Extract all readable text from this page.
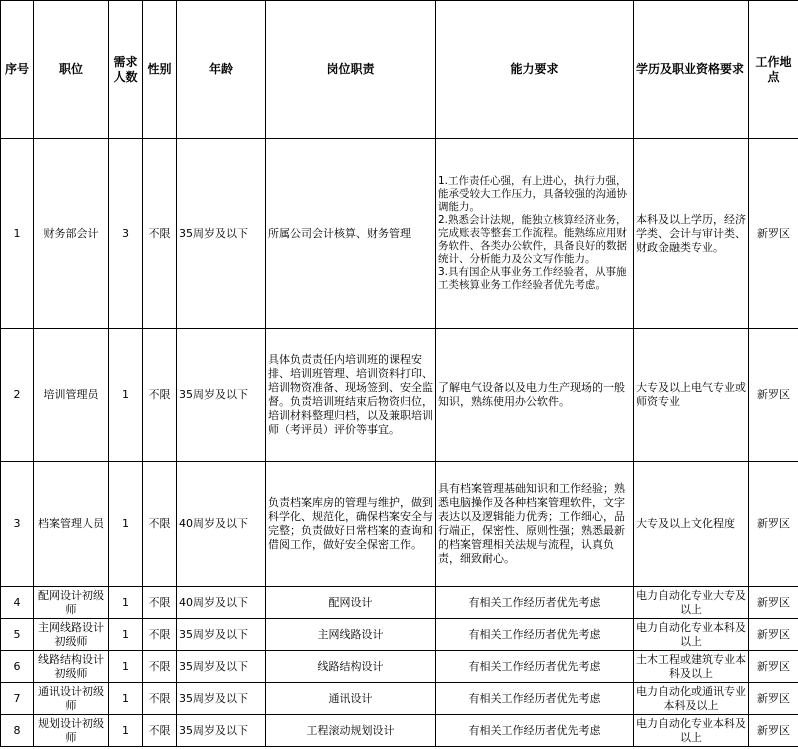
序号	职位	需求人数	性别	年龄	岗位职责	能力要求	学历及职业资格要求	工作地点
1	财务部会计	3	不限	35周岁及以下	所属公司会计核算、财务管理	1.工作责任心强，有上进心，执行力强，能承受较大工作压力，具备较强的沟通协调能力。
2.熟悉会计法规，能独立核算经济业务，完成账表等整套工作流程。能熟练应用财务软件、各类办公软件，具备良好的数据统计、分析能力及公文写作能力。
3.具有国企从事业务工作经验者，从事施工类核算业务工作经验者优先考虑。	本科及以上学历，经济学类、会计与审计类、财政金融类专业。	新罗区
2	培训管理员	1	不限	35周岁及以下	具体负责责任内培训班的课程安排、培训班管理、培训资料打印、培训物资准备、现场签到、安全监督。负责培训班结束后物资归位，培训材料整理归档，以及兼职培训师（考评员）评价等事宜。	了解电气设备以及电力生产现场的一般知识，熟练使用办公软件。	大专及以上电气专业或师资专业	新罗区
3	档案管理人员	1	不限	40周岁及以下	负责档案库房的管理与维护，做到科学化、规范化，确保档案安全与完整；负责做好日常档案的查询和借阅工作，做好安全保密工作。	具有档案管理基础知识和工作经验；熟悉电脑操作及各种档案管理软件，文字表达以及逻辑能力优秀；工作细心，品行端正，保密性、原则性强；熟悉最新的档案管理相关法规与流程，认真负责，细致耐心。	大专及以上文化程度	新罗区
4	配网设计初级师	1	不限	40周岁及以下	配网设计	有相关工作经历者优先考虑	电力自动化专业大专及以上	新罗区
5	主网线路设计初级师	1	不限	35周岁及以下	主网线路设计	有相关工作经历者优先考虑	电力自动化专业本科及以上	新罗区
6	线路结构设计初级师	1	不限	35周岁及以下	线路结构设计	有相关工作经历者优先考虑	土木工程或建筑专业本科及以上	新罗区
7	通讯设计初级师	1	不限	35周岁及以下	通讯设计	有相关工作经历者优先考虑	电力自动化或通讯专业本科及以上	新罗区
8	规划设计初级师	1	不限	35周岁及以下	工程滚动规划设计	有相关工作经历者优先考虑	电力自动化专业本科及以上	新罗区
